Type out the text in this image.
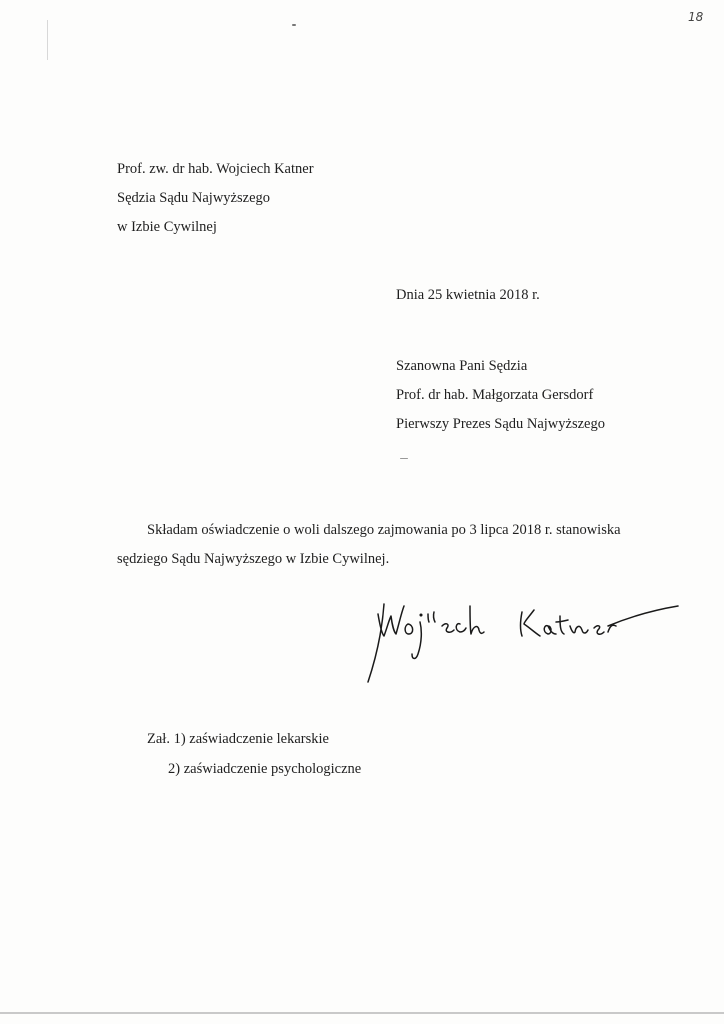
18
Prof. zw. dr hab. Wojciech Katner
Sędzia Sądu Najwyższego
w Izbie Cywilnej
Dnia 25 kwietnia 2018 r.
Szanowna Pani Sędzia
Prof. dr hab. Małgorzata Gersdorf
Pierwszy Prezes Sądu Najwyższego
Składam oświadczenie o woli dalszego zajmowania po 3 lipca 2018 r. stanowiska
sędziego Sądu Najwyższego w Izbie Cywilnej.
Zał. 1) zaświadczenie lekarskie
2) zaświadczenie psychologiczne
